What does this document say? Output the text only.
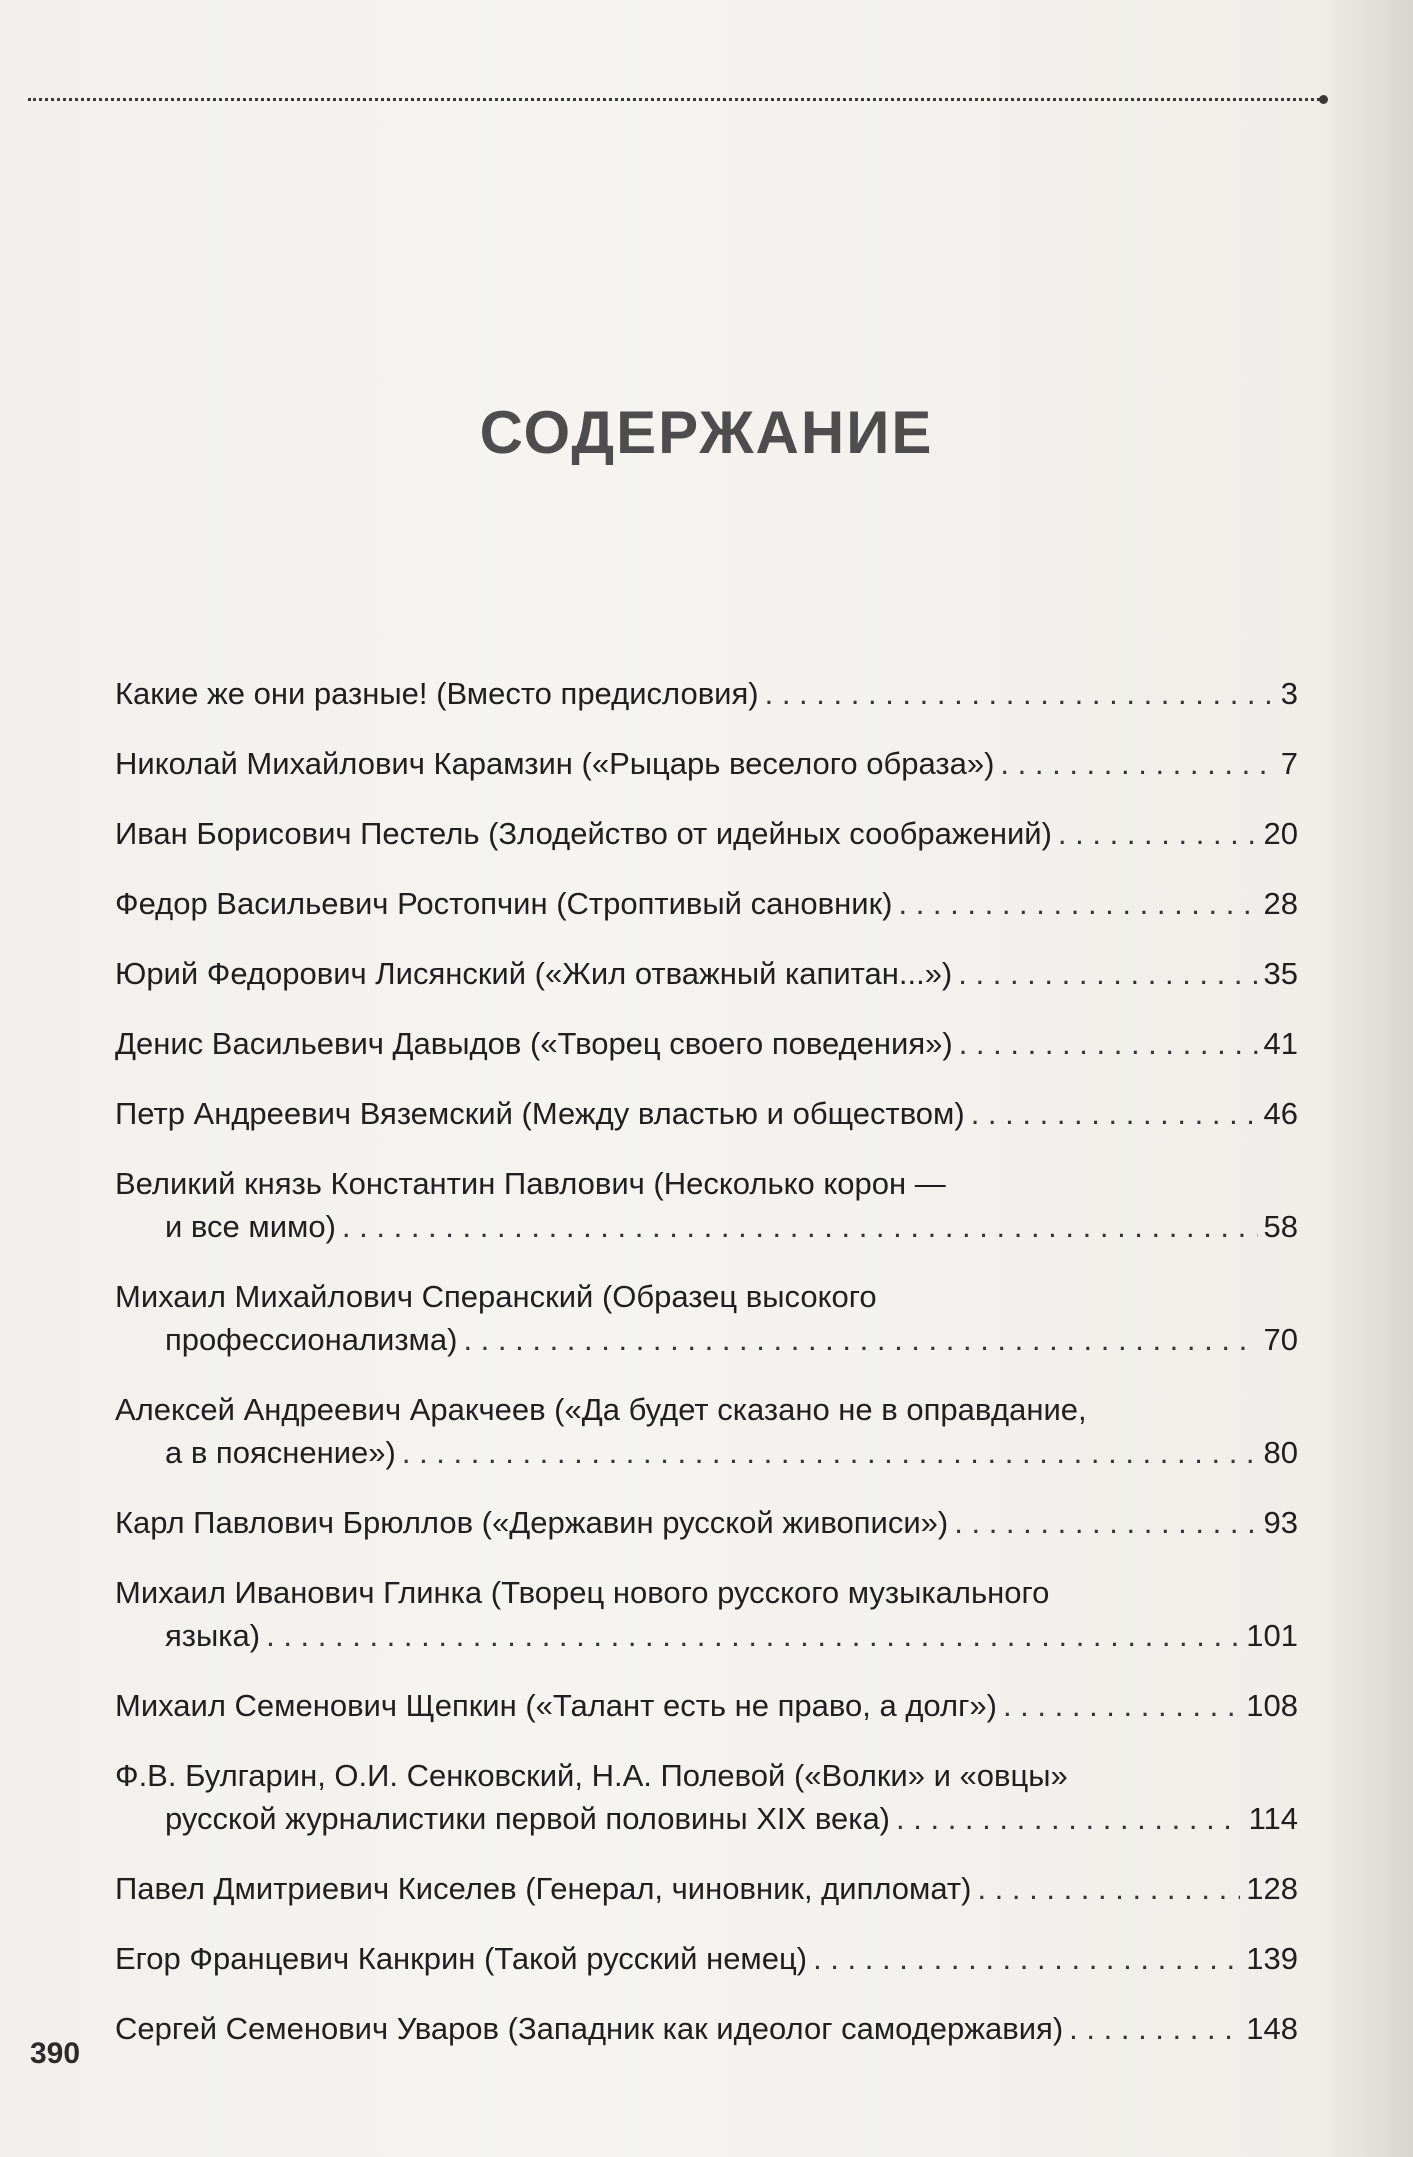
СОДЕРЖАНИЕ
Какие же они разные! (Вместо предисловия) . . .	3
Николай Михайлович Карамзин («Рыцарь веселого образа») . . .	7
Иван Борисович Пестель (Злодейство от идейных соображений) . . .	20
Федор Васильевич Ростопчин (Строптивый сановник) . . .	28
Юрий Федорович Лисянский («Жил отважный капитан...») . . .	35
Денис Васильевич Давыдов («Творец своего поведения») . . .	41
Петр Андреевич Вяземский (Между властью и обществом) . . .	46
Великий князь Константин Павлович (Несколько корон —
и все мимо) . . .	58
Михаил Михайлович Сперанский (Образец высокого
профессионализма) . . .	70
Алексей Андреевич Аракчеев («Да будет сказано не в оправдание,
а в пояснение») . . .	80
Карл Павлович Брюллов («Державин русской живописи») . . .	93
Михаил Иванович Глинка (Творец нового русского музыкального
языка) . . .	101
Михаил Семенович Щепкин («Талант есть не право, а долг») . . .	108
Ф.В. Булгарин, О.И. Сенковский, Н.А. Полевой («Волки» и «овцы»
русской журналистики первой половины XIX века) . . .	114
Павел Дмитриевич Киселев (Генерал, чиновник, дипломат) . . .	128
Егор Францевич Канкрин (Такой русский немец) . . .	139
Сергей Семенович Уваров (Западник как идеолог самодержавия) . . .	148
390
